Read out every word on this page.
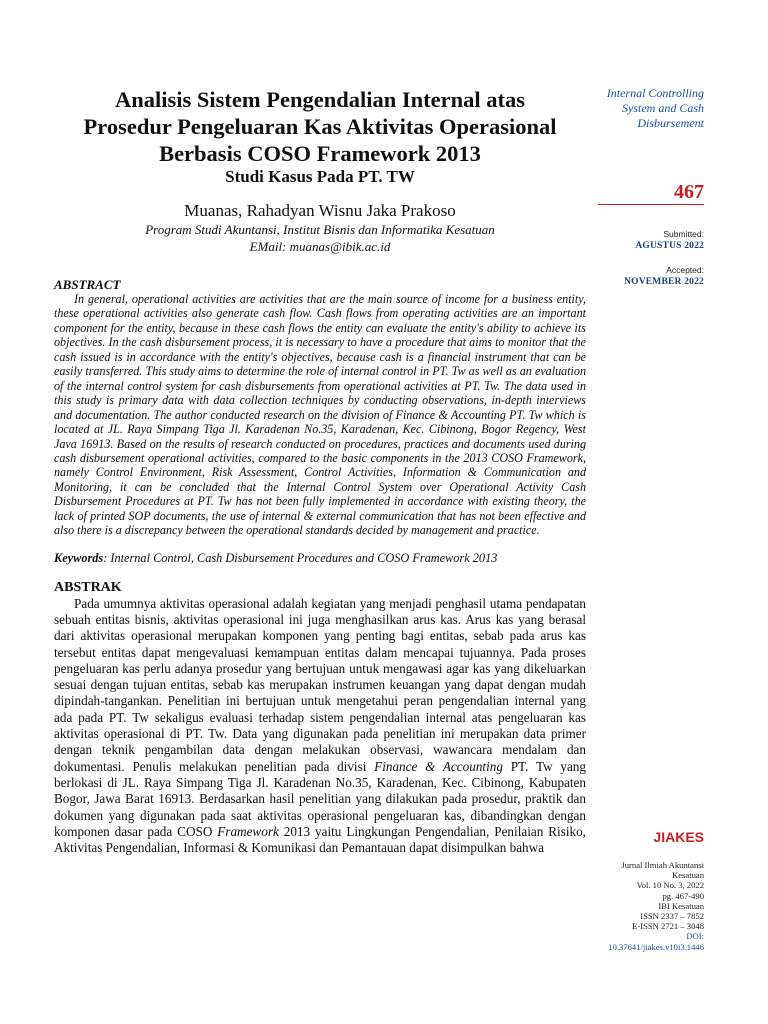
Analisis Sistem Pengendalian Internal atas
Prosedur Pengeluaran Kas Aktivitas Operasional
Berbasis COSO Framework 2013
Studi Kasus Pada PT. TW
Muanas, Rahadyan Wisnu Jaka Prakoso
Program Studi Akuntansi, Institut Bisnis dan Informatika Kesatuan
EMail: muanas@ibik.ac.id
ABSTRACT

In general, operational activities are activities that are the main source of income for a business entity, these operational activities also generate cash flow. Cash flows from operating activities are an important component for the entity, because in these cash flows the entity can evaluate the entity's ability to achieve its objectives. In the cash disbursement process, it is necessary to have a procedure that aims to monitor that the cash issued is in accordance with the entity's objectives, because cash is a financial instrument that can be easily transferred. This study aims to determine the role of internal control in PT. Tw as well as an evaluation of the internal control system for cash disbursements from operational activities at PT. Tw. The data used in this study is primary data with data collection techniques by conducting observations, in-depth interviews and documentation. The author conducted research on the division of Finance & Accounting PT. Tw which is located at JL. Raya Simpang Tiga Jl. Karadenan No.35, Karadenan, Kec. Cibinong, Bogor Regency, West Java 16913. Based on the results of research conducted on procedures, practices and documents used during cash disbursement operational activities, compared to the basic components in the 2013 COSO Framework, namely Control Environment, Risk Assessment, Control Activities, Information & Communication and Monitoring, it can be concluded that the Internal Control System over Operational Activity Cash Disbursement Procedures at PT. Tw has not been fully implemented in accordance with existing theory, the lack of printed SOP documents, the use of internal & external communication that has not been effective and also there is a discrepancy between the operational standards decided by management and practice.

Keywords: Internal Control, Cash Disbursement Procedures and COSO Framework 2013
ABSTRAK

Pada umumnya aktivitas operasional adalah kegiatan yang menjadi penghasil utama pendapatan sebuah entitas bisnis, aktivitas operasional ini juga menghasilkan arus kas. Arus kas yang berasal dari aktivitas operasional merupakan komponen yang penting bagi entitas, sebab pada arus kas tersebut entitas dapat mengevaluasi kemampuan entitas dalam mencapai tujuannya. Pada proses pengeluaran kas perlu adanya prosedur yang bertujuan untuk mengawasi agar kas yang dikeluarkan sesuai dengan tujuan entitas, sebab kas merupakan instrumen keuangan yang dapat dengan mudah dipindah-tangankan. Penelitian ini bertujuan untuk mengetahui peran pengendalian internal yang ada pada PT. Tw sekaligus evaluasi terhadap sistem pengendalian internal atas pengeluaran kas aktivitas operasional di PT. Tw. Data yang digunakan pada penelitian ini merupakan data primer dengan teknik pengambilan data dengan melakukan observasi, wawancara mendalam dan dokumentasi. Penulis melakukan penelitian pada divisi Finance & Accounting PT. Tw yang berlokasi di JL. Raya Simpang Tiga Jl. Karadenan No.35, Karadenan, Kec. Cibinong, Kabupaten Bogor, Jawa Barat 16913. Berdasarkan hasil penelitian yang dilakukan pada prosedur, praktik dan dokumen yang digunakan pada saat aktivitas operasional pengeluaran kas, dibandingkan dengan komponen dasar pada COSO Framework 2013 yaitu Lingkungan Pengendalian, Penilaian Risiko, Aktivitas Pengendalian, Informasi & Komunikasi dan Pemantauan dapat disimpulkan bahwa

Internal Controlling
System and Cash
Disbursement
467
Submitted:
AGUSTUS 2022
Accepted:
NOVEMBER 2022
JIAKES
Jurnal Ilmiah Akuntansi
Kesatuan
Vol. 10 No. 3, 2022
pg. 467-490
IBI Kesatuan
ISSN 2337 – 7852
E-ISSN 2721 – 3048
DOI: 10.37641/jiakes.v10i3.1446
